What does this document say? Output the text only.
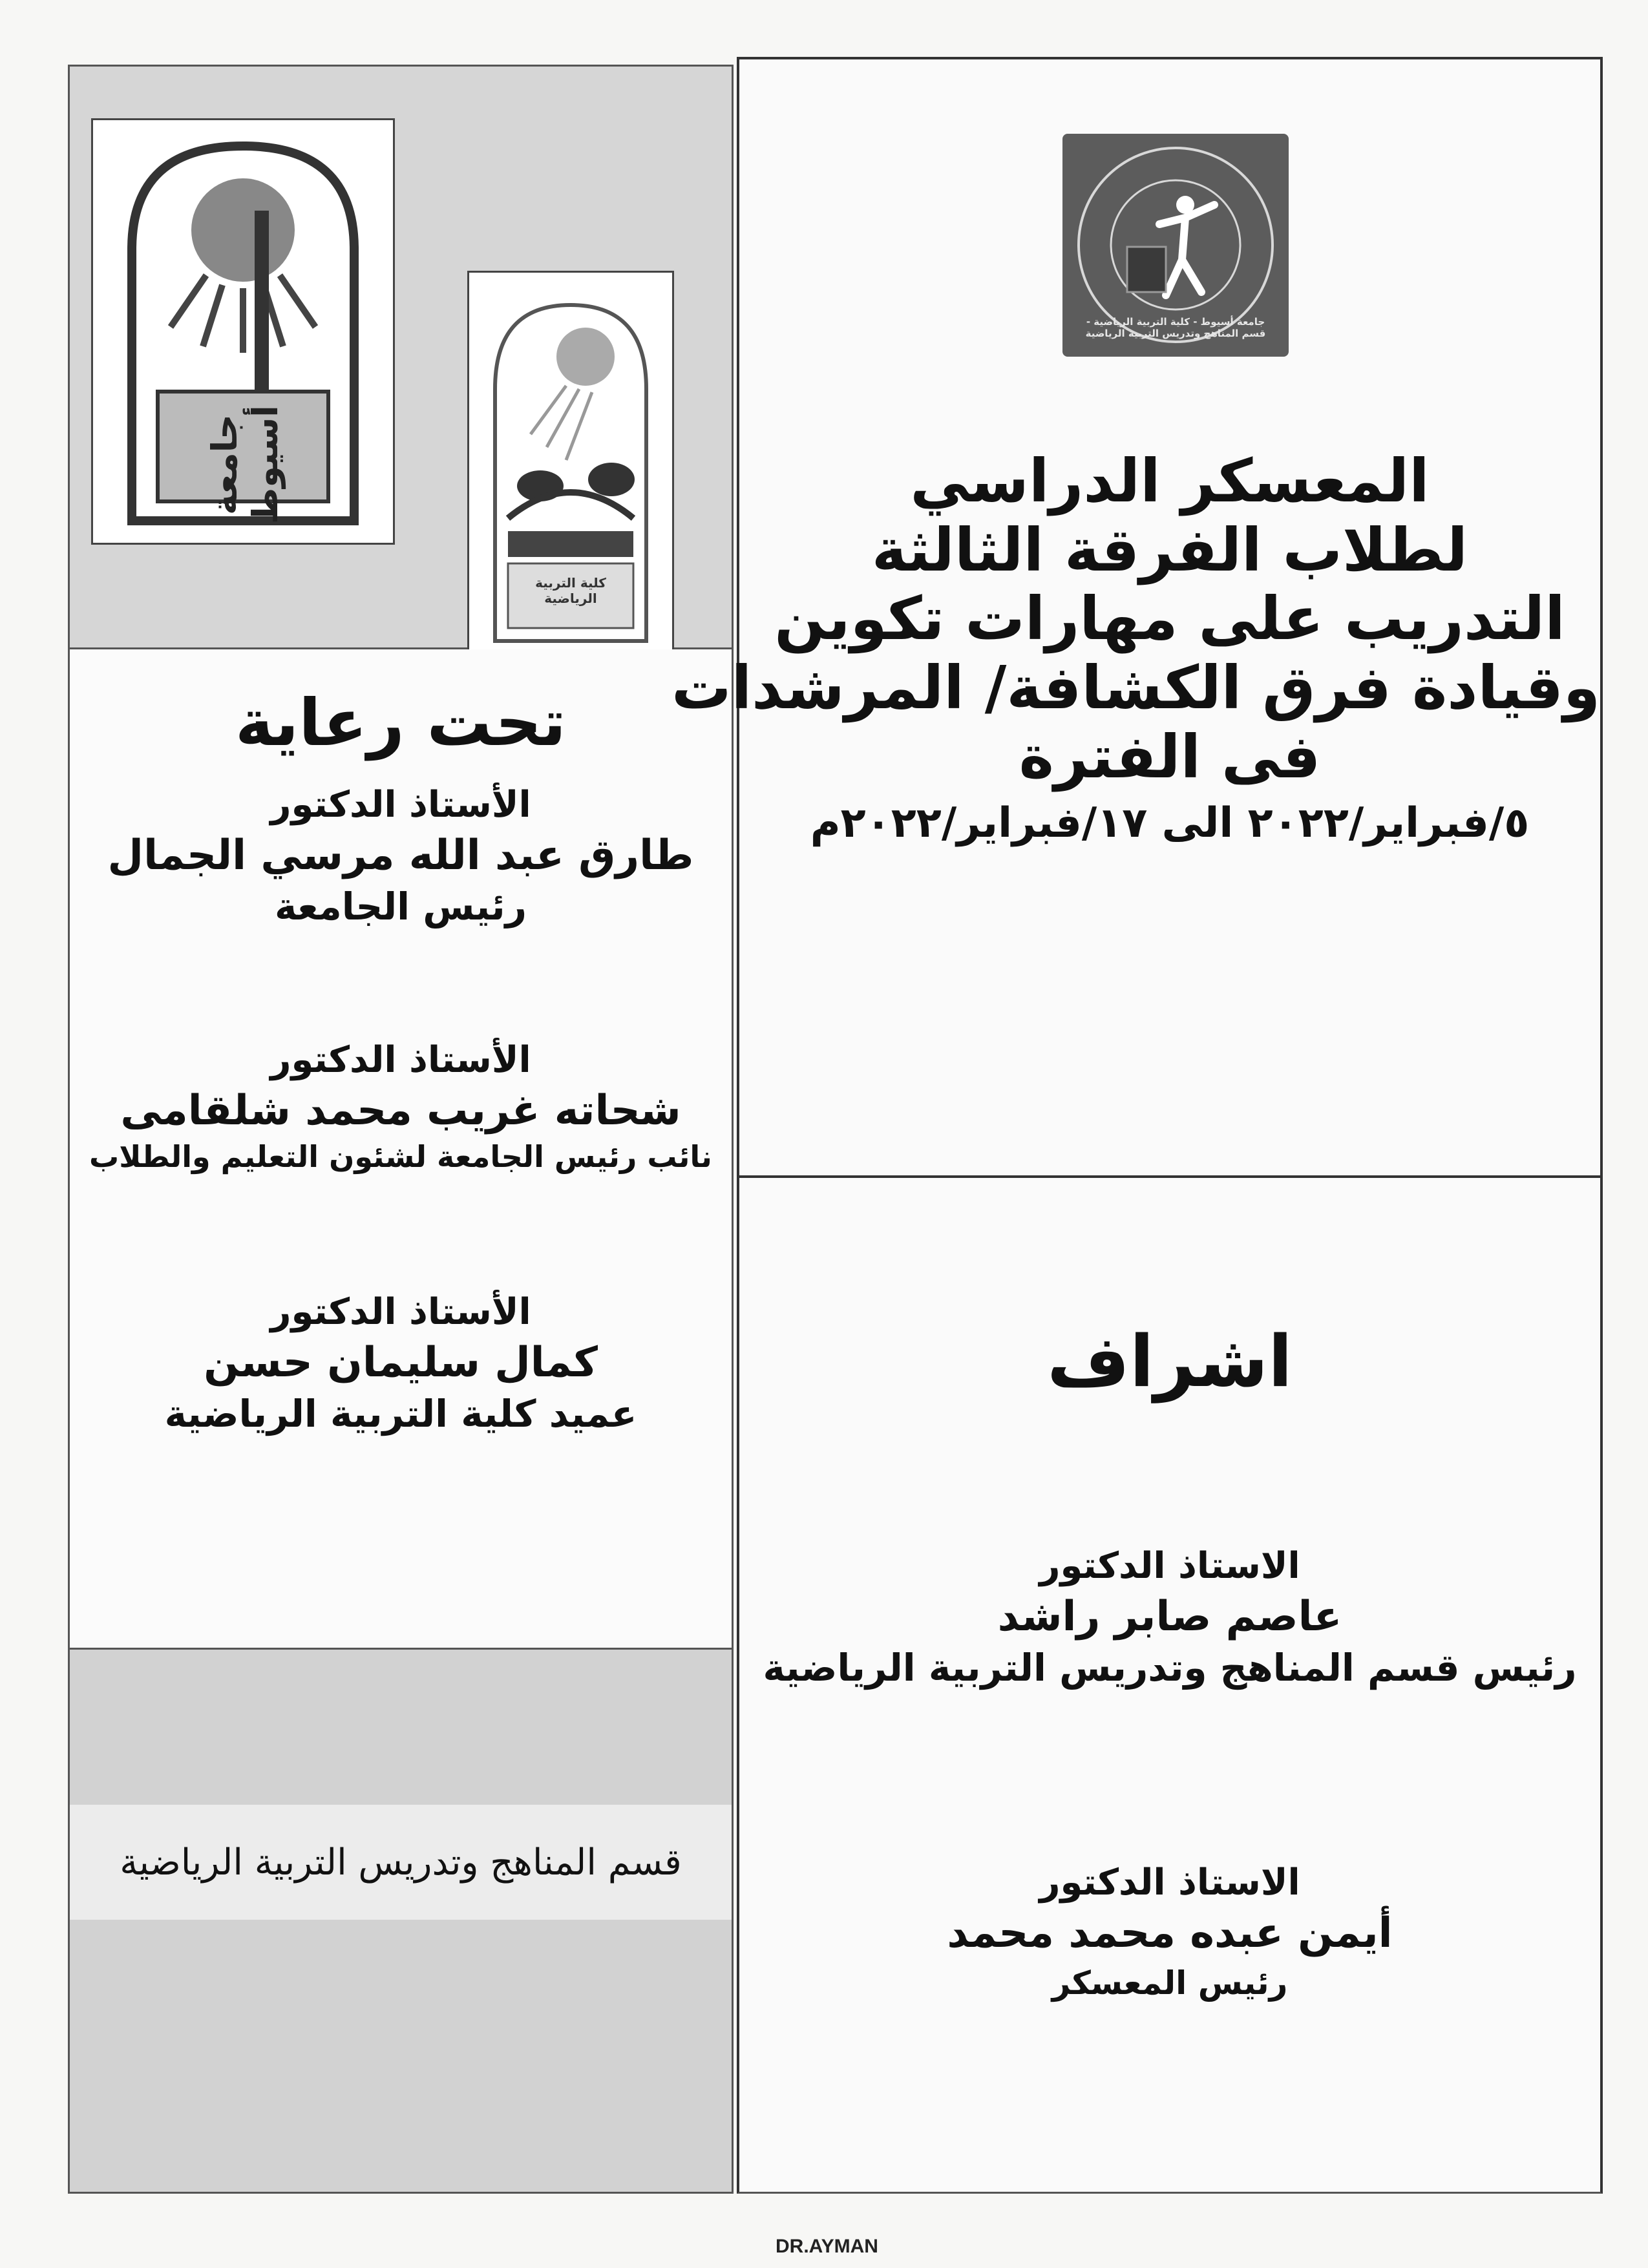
جامعة أسيوط
كلية التربية الرياضية
تحت رعاية
الأستاذ الدكتور
طارق عبد الله مرسي الجمال
رئيس الجامعة
الأستاذ الدكتور
شحاته غريب محمد شلقامى
نائب رئيس الجامعة لشئون التعليم والطلاب
الأستاذ الدكتور
كمال سليمان حسن
عميد كلية التربية الرياضية
قسم المناهج وتدريس التربية الرياضية
جامعة أسيوط - كلية التربية الرياضية - قسم المناهج وتدريس التربية الرياضية
المعسكر الدراسي
لطلاب الفرقة الثالثة
التدريب على مهارات تكوين
وقيادة فرق الكشافة/ المرشدات
فى الفترة
٥/فبراير/٢٠٢٢ الى ١٧/فبراير/٢٠٢٢م
اشراف
الاستاذ الدكتور
عاصم صابر راشد
رئيس قسم المناهج وتدريس التربية الرياضية
الاستاذ الدكتور
أيمن عبده محمد محمد
رئيس المعسكر
DR.AYMAN
